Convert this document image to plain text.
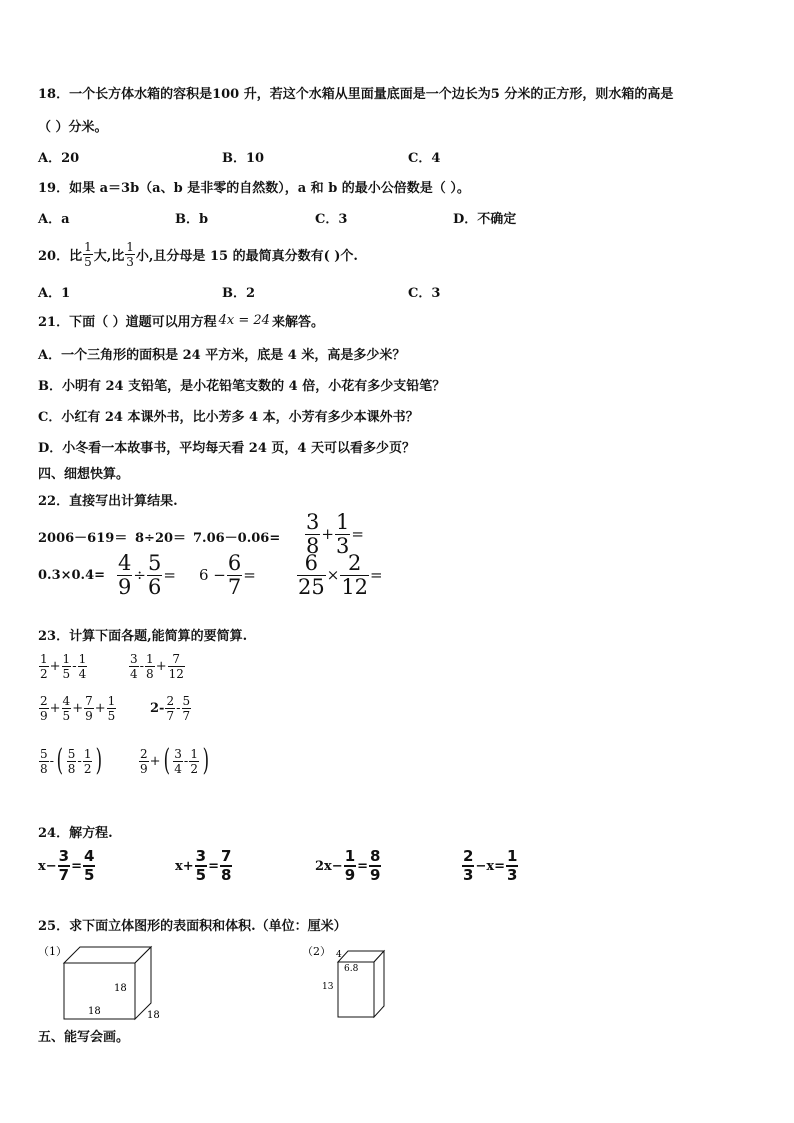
18．一个长方体水箱的容积是100 升，若这个水箱从里面量底面是一个边长为5 分米的正方形，则水箱的高是
（ ）分米。
A．20	B．10	C．4
19．如果 a＝3b（a、b 是非零的自然数），a 和 b 的最小公倍数是（ ）。
A．a	B．b	C．3	D．不确定
20．比 $\frac{1}{5}$ 大,比 $\frac{1}{3}$ 小,且分母是 15 的最简真分数有( )个.
A．1	B．2	C．3
21．下面（ ）道题可以用方程 4x = 24 来解答。
A．一个三角形的面积是 24 平方米，底是 4 米，高是多少米？
B．小明有 24 支铅笔，是小花铅笔支数的 4 倍，小花有多少支铅笔？
C．小红有 24 本课外书，比小芳多 4 本，小芳有多少本课外书？
D．小冬看一本故事书，平均每天看 24 页，4 天可以看多少页？
四、细想快算。
22．直接写出计算结果.
$2006-619= 8\div 20= 7.06-0.06= \frac{3}{8} + \frac{1}{3}$ =
$0.3\times 0.4= \frac{4}{9} \div \frac{5}{6} = 6 - \frac{6}{7} = \frac{6}{25} \times \frac{2}{12}$ =
23．计算下面各题,能简算的要简算.
$\frac{1}{2} + \frac{1}{5} - \frac{1}{4}$	$\frac{3}{4} - \frac{1}{8} + \frac{7}{12}$
$\frac{2}{9} + \frac{4}{5} + \frac{7}{9} + \frac{1}{5}$	$2- \frac{2}{7} - \frac{5}{7}$
$\frac{5}{8}$ - ( $\frac{5}{8} - \frac{1}{2}$ )	$\frac{2}{9}$ + ( $\frac{3}{4} - \frac{1}{2}$ )
24．解方程.
$x- \frac{3}{7} = \frac{4}{5}$	$x+ \frac{3}{5} = \frac{7}{8}$	$2x- \frac{1}{9} = \frac{8}{9}$	$\frac{2}{3} -x= \frac{1}{3}$
25．求下面立体图形的表面积和体积.（单位：厘米）
（1）
18
18
18
（2） 4
6.8
13
五、能写会画。
